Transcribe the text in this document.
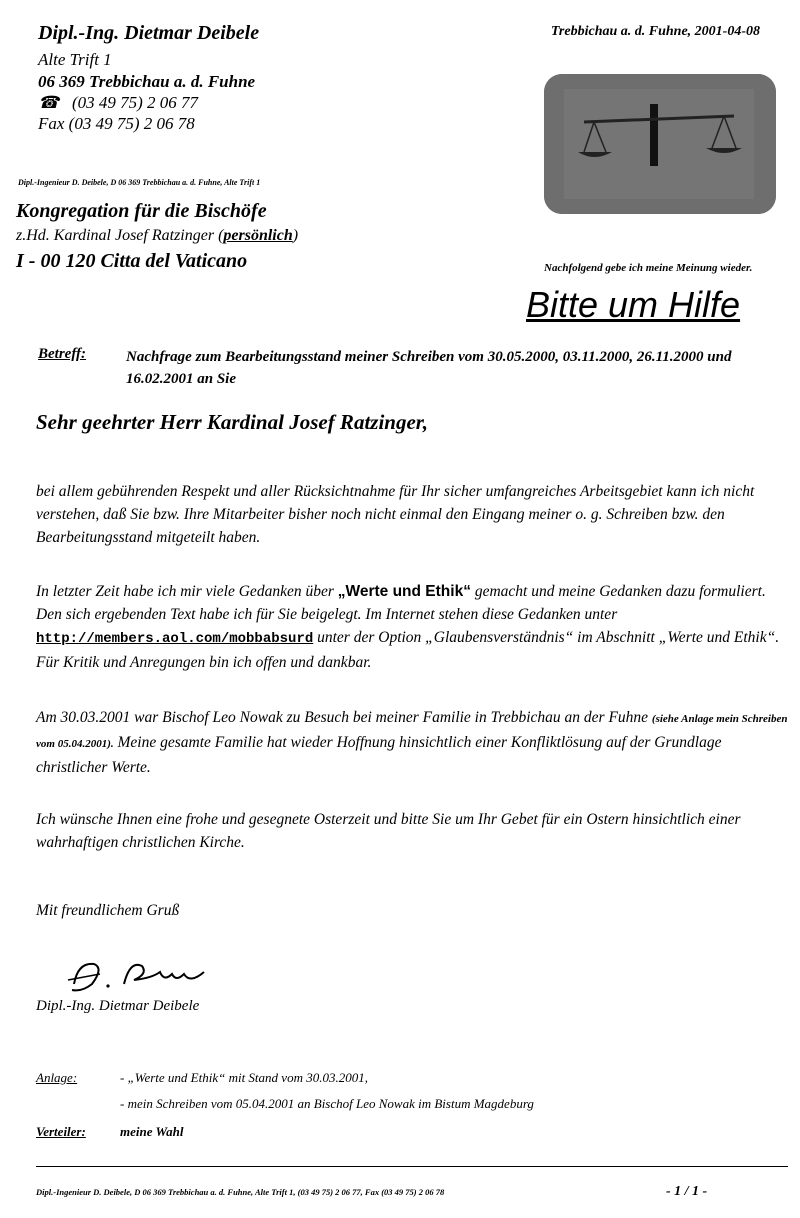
Dipl.-Ing. Dietmar Deibele
Alte Trift 1
06 369 Trebbichau a. d. Fuhne
☎   (03 49 75) 2 06 77
Fax (03 49 75) 2 06 78
Trebbichau a. d. Fuhne, 2001-04-08
Dipl.-Ingenieur D. Deibele, D 06 369 Trebbichau a. d. Fuhne, Alte Trift 1
Kongregation für die Bischöfe
z.Hd. Kardinal Josef Ratzinger (persönlich)
I - 00 120 Citta del Vaticano	Nachfolgend gebe ich meine Meinung wieder.
Bitte um Hilfe
Betreff:	Nachfrage zum Bearbeitungsstand meiner Schreiben vom 30.05.2000, 03.11.2000, 26.11.2000 und 16.02.2001 an Sie
Sehr geehrter Herr Kardinal Josef Ratzinger,
bei allem gebührenden Respekt und aller Rücksichtnahme für Ihr sicher umfangreiches Arbeitsgebiet kann ich nicht verstehen, daß Sie bzw. Ihre Mitarbeiter bisher noch nicht einmal den Eingang meiner o. g. Schreiben bzw. den Bearbeitungsstand mitgeteilt haben.
In letzter Zeit habe ich mir viele Gedanken über „Werte und Ethik“ gemacht und meine Gedanken dazu formuliert. Den sich ergebenden Text habe ich für Sie beigelegt. Im Internet stehen diese Gedanken unter http://members.aol.com/mobbabsurd unter der Option „Glaubensverständnis“ im Abschnitt „Werte und Ethik“. Für Kritik und Anregungen bin ich offen und dankbar.
Am 30.03.2001 war Bischof Leo Nowak zu Besuch bei meiner Familie in Trebbichau an der Fuhne (siehe Anlage mein Schreiben vom 05.04.2001). Meine gesamte Familie hat wieder Hoffnung hinsichtlich einer Konfliktlösung auf der Grundlage christlicher Werte.
Ich wünsche Ihnen eine frohe und gesegnete Osterzeit und bitte Sie um Ihr Gebet für ein Ostern hinsichtlich einer wahrhaftigen christlichen Kirche.
Mit freundlichem Gruß
Dipl.-Ing. Dietmar Deibele
Anlage:	- „Werte und Ethik“ mit Stand vom 30.03.2001,
- mein Schreiben vom 05.04.2001 an Bischof Leo Nowak im Bistum Magdeburg
Verteiler:	meine Wahl
Dipl.-Ingenieur D. Deibele, D 06 369 Trebbichau a. d. Fuhne, Alte Trift 1, (03 49 75) 2 06 77, Fax (03 49 75) 2 06 78	- 1 / 1 -
